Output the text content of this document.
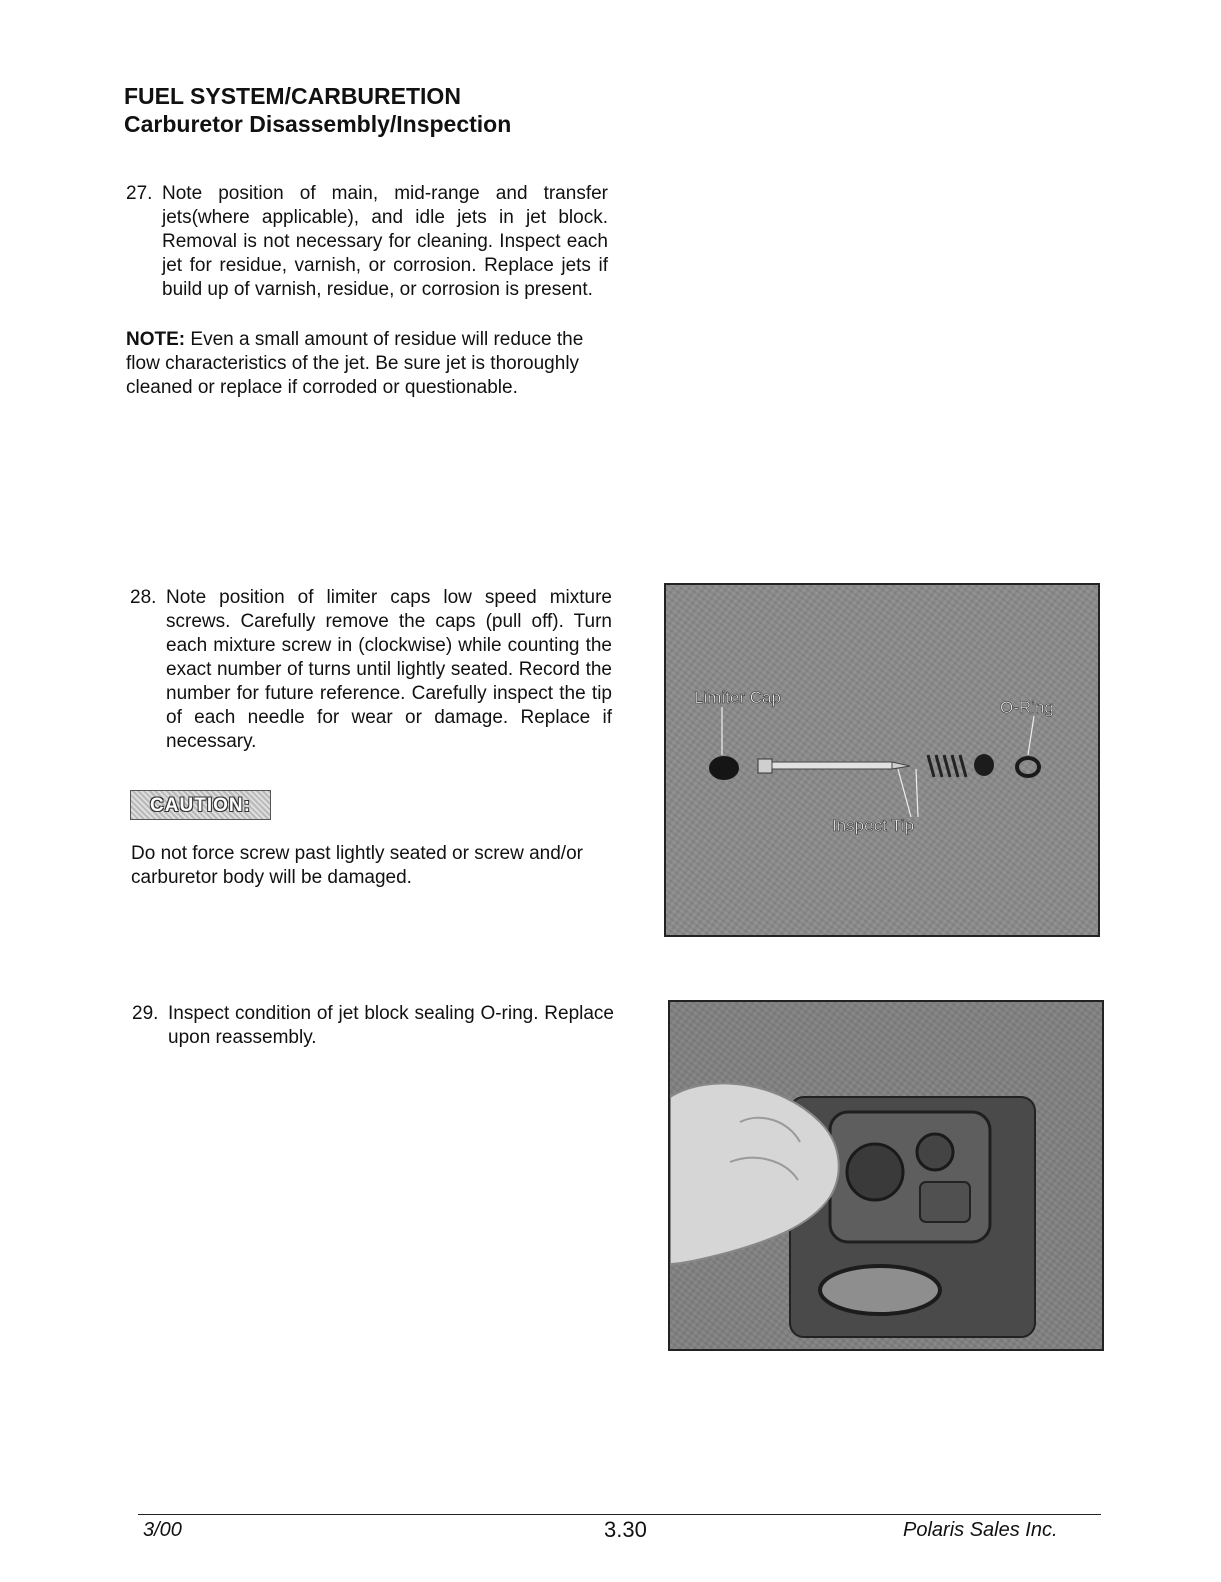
FUEL SYSTEM/CARBURETION
Carburetor Disassembly/Inspection
27. Note position of main, mid-range and transfer jets(where applicable), and idle jets in jet block. Removal is not necessary for cleaning. Inspect each jet for residue, varnish, or corrosion. Replace jets if build up of varnish, residue, or corrosion is present.

NOTE: Even a small amount of residue will reduce the flow characteristics of the jet. Be sure jet is thoroughly cleaned or replace if corroded or questionable.

28. Note position of limiter caps low speed mixture screws. Carefully remove the caps (pull off). Turn each mixture screw in (clockwise) while counting the exact number of turns until lightly seated. Record the number for future reference. Carefully inspect the tip of each needle for wear or damage. Replace if necessary.
CAUTION:

Do not force screw past lightly seated or screw and/or carburetor body will be damaged.

29. Inspect condition of jet block sealing O-ring. Replace upon reassembly.
Limiter Cap
O-Ring
Inspect Tip
3/00	3.30	Polaris Sales Inc.
